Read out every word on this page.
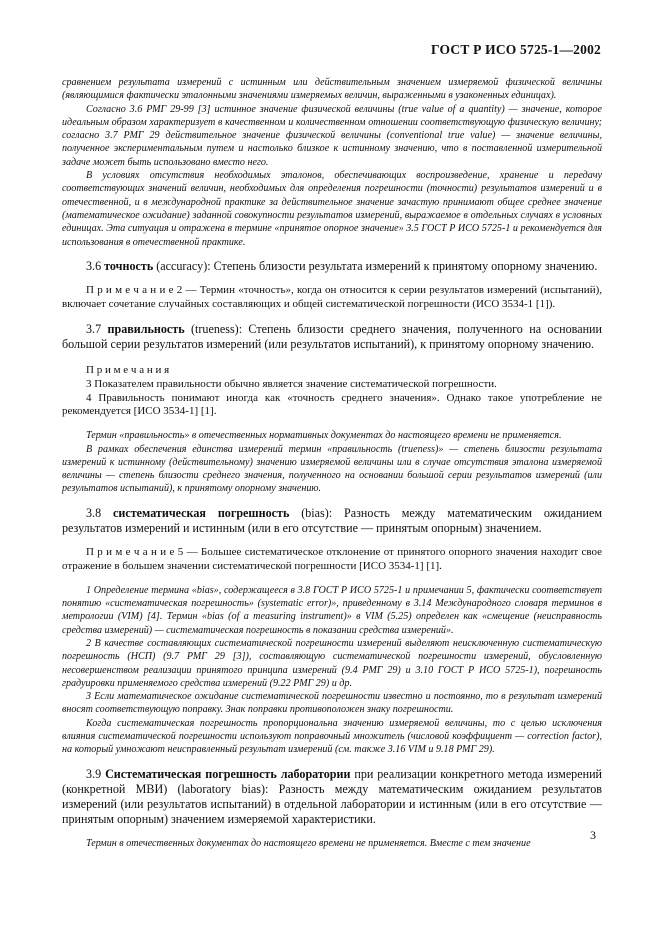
ГОСТ Р ИСО 5725-1—2002

сравнением результата измерений с истинным или действительным значением измеряемой физической величины (являющимися фактически эталонными значениями измеряемых величин, выраженными в узаконенных единицах).

Согласно 3.6 РМГ 29-99 [3] истинное значение физической величины (true value of a quantity) — значение, которое идеальным образом характеризует в качественном и количественном отношении соответствующую физическую величину; согласно 3.7 РМГ 29 действительное значение физической величины (conventional true value) — значение величины, полученное экспериментальным путем и настолько близкое к истинному значению, что в поставленной измерительной задаче может быть использовано вместо него.

В условиях отсутствия необходимых эталонов, обеспечивающих воспроизведение, хранение и передачу соответствующих значений величин, необходимых для определения погрешности (точности) результатов измерений и в отечественной, и в международной практике за действительное значение зачастую принимают общее среднее значение (математическое ожидание) заданной совокупности результатов измерений, выражаемое в отдельных случаях в условных единицах. Эта ситуация и отражена в термине «принятое опорное значение» 3.5 ГОСТ Р ИСО 5725-1 и рекомендуется для использования в отечественной практике.

3.6 точность (accuracy): Степень близости результата измерений к принятому опорному значению.

П р и м е ч а н и е 2 — Термин «точность», когда он относится к серии результатов измерений (испытаний), включает сочетание случайных составляющих и общей систематической погрешности (ИСО 3534-1 [1]).

3.7 правильность (trueness): Степень близости среднего значения, полученного на основании большой серии результатов измерений (или результатов испытаний), к принятому опорному значению.

П р и м е ч а н и я

3 Показателем правильности обычно является значение систематической погрешности.

4 Правильность понимают иногда как «точность среднего значения». Однако такое употребление не рекомендуется [ИСО 3534-1] [1].

Термин «правильность» в отечественных нормативных документах до настоящего времени не применяется.

В рамках обеспечения единства измерений термин «правильность (trueness)» — степень близости результата измерений к истинному (действительному) значению измеряемой величины или в случае отсутствия эталона измеряемой величины — степень близости среднего значения, полученного на основании большой серии результатов измерений (или результатов испытаний), к принятому опорному значению.

3.8 систематическая погрешность (bias): Разность между математическим ожиданием результатов измерений и истинным (или в его отсутствие — принятым опорным) значением.

П р и м е ч а н и е 5 — Большее систематическое отклонение от принятого опорного значения находит свое отражение в большем значении систематической погрешности [ИСО 3534-1] [1].

1 Определение термина «bias», содержащееся в 3.8 ГОСТ Р ИСО 5725-1 и примечании 5, фактически соответствует понятию «систематическая погрешность» (systematic error)», приведенному в 3.14 Международного словаря терминов в метрологии (VIM) [4]. Термин «bias (of a measuring instrument)» в VIM (5.25) определен как «смещение (неисправность средства измерений) — систематическая погрешность в показании средства измерений».

2 В качестве составляющих систематической погрешности измерений выделяют неисключенную систематическую погрешность (НСП) (9.7 РМГ 29 [3]), составляющую систематической погрешности измерений, обусловленную несовершенством реализации принятого принципа измерений (9.4 РМГ 29) и 3.10 ГОСТ Р ИСО 5725-1), погрешность градуировки применяемого средства измерений (9.22 РМГ 29) и др.

3 Если математическое ожидание систематической погрешности известно и постоянно, то в результат измерений вносят соответствующую поправку. Знак поправки противоположен знаку погрешности.

Когда систематическая погрешность пропорциональна значению измеряемой величины, то с целью исключения влияния систематической погрешности используют поправочный множитель (числовой коэффициент — correction factor), на который умножают неисправленный результат измерений (см. также 3.16 VIM и 9.18 РМГ 29).

3.9 Систематическая погрешность лаборатории при реализации конкретного метода измерений (конкретной МВИ) (laboratory bias): Разность между математическим ожиданием результатов измерений (или результатов испытаний) в отдельной лаборатории и истинным (или в его отсутствие — принятым опорным) значением измеряемой характеристики.

Термин в отечественных документах до настоящего времени не применяется. Вместе с тем значение

3
